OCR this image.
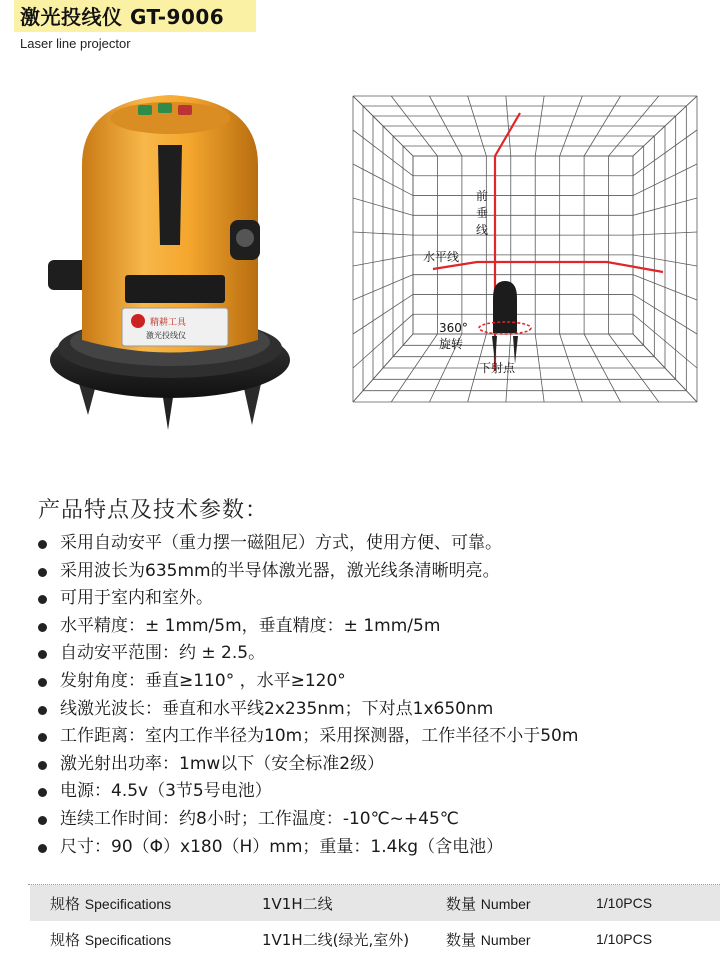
激光投线仪 GT-9006
Laser line projector
精耕工具
激光投线仪
前垂线
水平线
360°
旋转
下射点
产品特点及技术参数：
采用自动安平（重力摆一磁阻尼）方式，使用方便、可靠。
采用波长为635mm的半导体激光器，激光线条清晰明亮。
可用于室内和室外。
水平精度：± 1mm/5m，垂直精度：± 1mm/5m
自动安平范围：约 ± 2.5。
发射角度：垂直≥110° ，水平≥120°
线激光波长：垂直和水平线2x235nm；下对点1x650nm
工作距离：室内工作半径为10m；采用探测器，工作半径不小于50m
激光射出功率：1mw以下（安全标准2级）
电源：4.5v（3节5号电池）
连续工作时间：约8小时；工作温度：-10℃~+45℃
尺寸：90（Φ）x180（H）mm；重量：1.4kg（含电池）
规格 Specifications	1V1H二线	数量 Number	1/10PCS
规格 Specifications	1V1H二线(绿光,室外)	数量 Number	1/10PCS
